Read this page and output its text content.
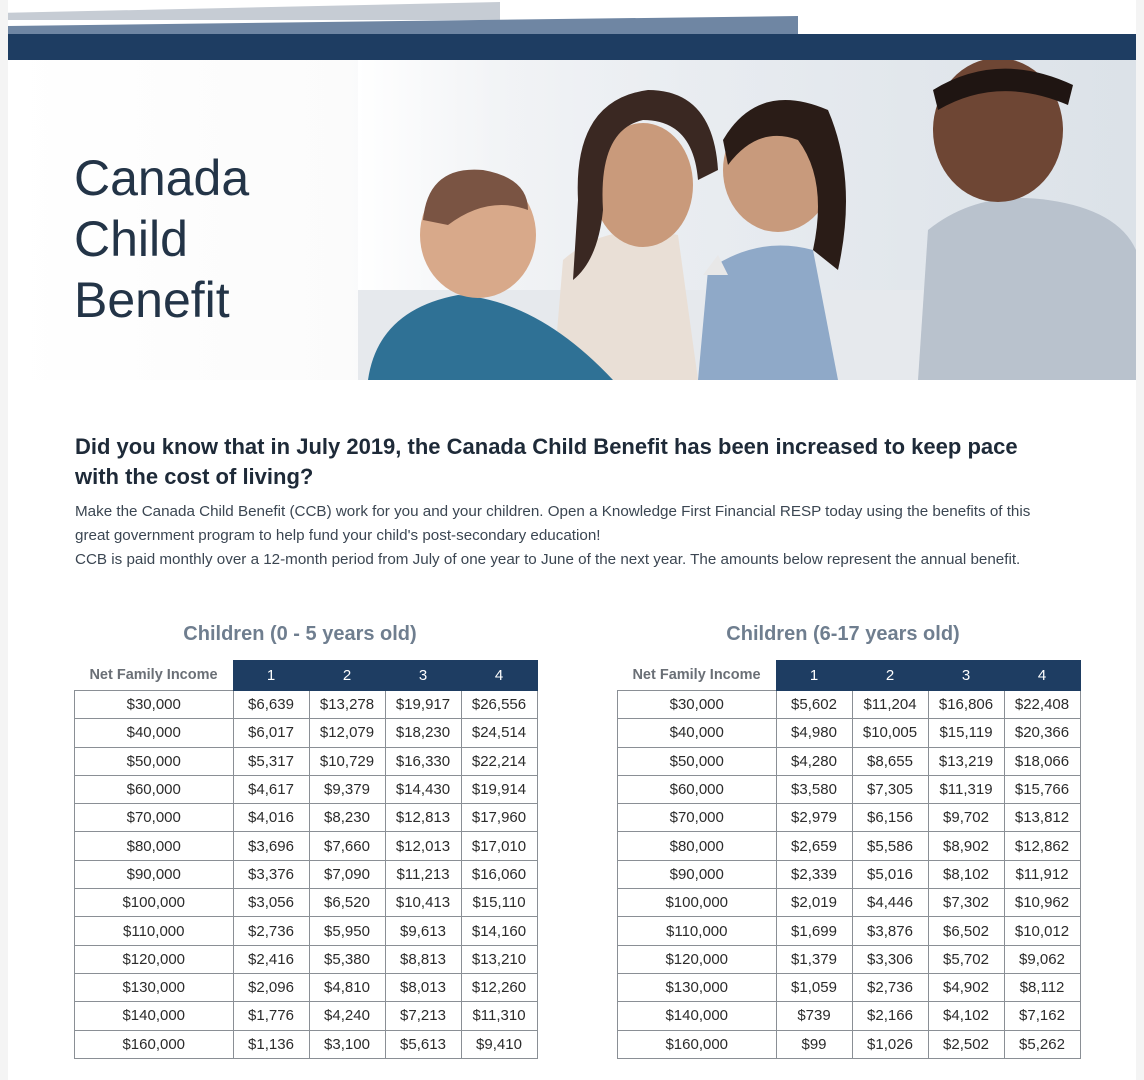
Canada
Child
Benefit
Did you know that in July 2019, the Canada Child Benefit has been increased to keep pace with the cost of living?

Make the Canada Child Benefit (CCB) work for you and your children. Open a Knowledge First Financial RESP today using the benefits of this great government program to help fund your child's post-secondary education!

CCB is paid monthly over a 12-month period from July of one year to June of the next year. The amounts below represent the annual benefit.

Children (0 - 5 years old)
Net Family Income	1	2	3	4
$30,000	$6,639	$13,278	$19,917	$26,556
$40,000	$6,017	$12,079	$18,230	$24,514
$50,000	$5,317	$10,729	$16,330	$22,214
$60,000	$4,617	$9,379	$14,430	$19,914
$70,000	$4,016	$8,230	$12,813	$17,960
$80,000	$3,696	$7,660	$12,013	$17,010
$90,000	$3,376	$7,090	$11,213	$16,060
$100,000	$3,056	$6,520	$10,413	$15,110
$110,000	$2,736	$5,950	$9,613	$14,160
$120,000	$2,416	$5,380	$8,813	$13,210
$130,000	$2,096	$4,810	$8,013	$12,260
$140,000	$1,776	$4,240	$7,213	$11,310
$160,000	$1,136	$3,100	$5,613	$9,410
Children (6-17 years old)
Net Family Income	1	2	3	4
$30,000	$5,602	$11,204	$16,806	$22,408
$40,000	$4,980	$10,005	$15,119	$20,366
$50,000	$4,280	$8,655	$13,219	$18,066
$60,000	$3,580	$7,305	$11,319	$15,766
$70,000	$2,979	$6,156	$9,702	$13,812
$80,000	$2,659	$5,586	$8,902	$12,862
$90,000	$2,339	$5,016	$8,102	$11,912
$100,000	$2,019	$4,446	$7,302	$10,962
$110,000	$1,699	$3,876	$6,502	$10,012
$120,000	$1,379	$3,306	$5,702	$9,062
$130,000	$1,059	$2,736	$4,902	$8,112
$140,000	$739	$2,166	$4,102	$7,162
$160,000	$99	$1,026	$2,502	$5,262
